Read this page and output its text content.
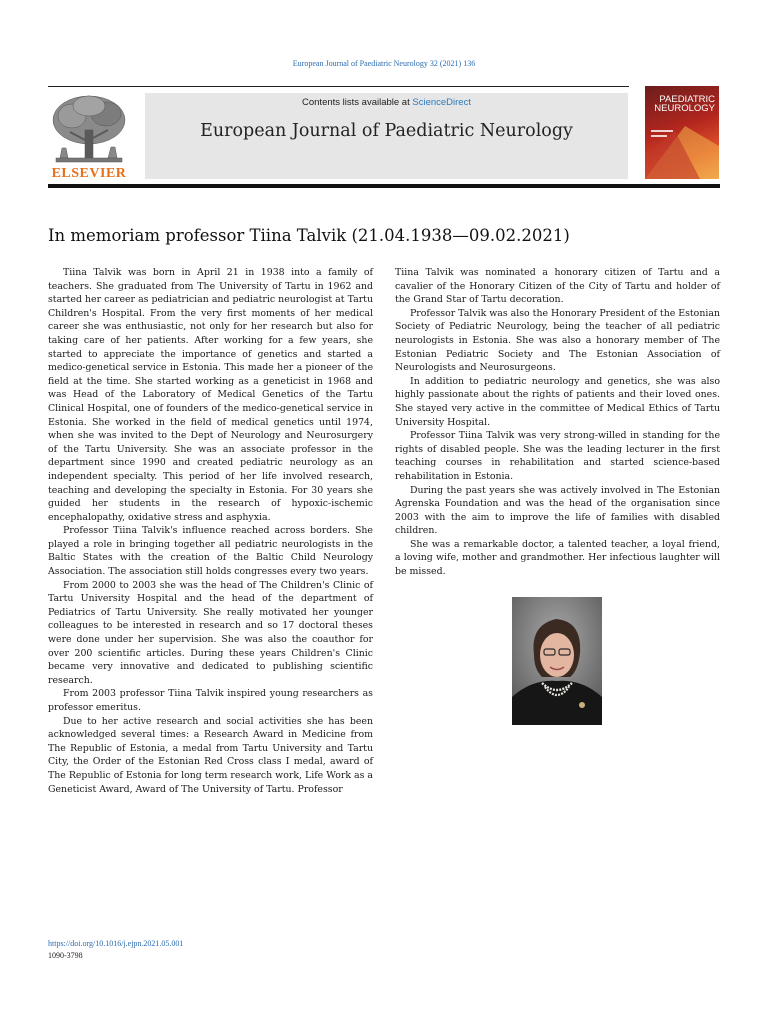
European Journal of Paediatric Neurology 32 (2021) 136
ELSEVIER
Contents lists available at ScienceDirect
European Journal of Paediatric Neurology
PAEDIATRIC
NEUROLOGY
In memoriam professor Tiina Talvik (21.04.1938—09.02.2021)

Tiina Talvik was born in April 21 in 1938 into a family of teachers. She graduated from The University of Tartu in 1962 and started her career as pediatrician and pediatric neurologist at Tartu Children's Hospital. From the very first moments of her medical career she was enthusiastic, not only for her research but also for taking care of her patients. After working for a few years, she started to appreciate the importance of genetics and started a medico-genetical service in Estonia. This made her a pioneer of the field at the time. She started working as a geneticist in 1968 and was Head of the Laboratory of Medical Genetics of the Tartu Clinical Hospital, one of founders of the medico-genetical service in Estonia. She worked in the field of medical genetics until 1974, when she was invited to the Dept of Neurology and Neurosurgery of the Tartu University. She was an associate professor in the department since 1990 and created pediatric neurology as an independent specialty. This period of her life involved research, teaching and developing the specialty in Estonia. For 30 years she guided her students in the research of hypoxic-ischemic encephalopathy, oxidative stress and asphyxia.

Professor Tiina Talvik's influence reached across borders. She played a role in bringing together all pediatric neurologists in the Baltic States with the creation of the Baltic Child Neurology Association. The association still holds congresses every two years.

From 2000 to 2003 she was the head of The Children's Clinic of Tartu University Hospital and the head of the department of Pediatrics of Tartu University. She really motivated her younger colleagues to be interested in research and so 17 doctoral theses were done under her supervision. She was also the coauthor for over 200 scientific articles. During these years Children's Clinic became very innovative and dedicated to publishing scientific research.

From 2003 professor Tiina Talvik inspired young researchers as professor emeritus.

Due to her active research and social activities she has been acknowledged several times: a Research Award in Medicine from The Republic of Estonia, a medal from Tartu University and Tartu City, the Order of the Estonian Red Cross class I medal, award of The Republic of Estonia for long term research work, Life Work as a Geneticist Award, Award of The University of Tartu. Professor

Tiina Talvik was nominated a honorary citizen of Tartu and a cavalier of the Honorary Citizen of the City of Tartu and holder of the Grand Star of Tartu decoration.

Professor Talvik was also the Honorary President of the Estonian Society of Pediatric Neurology, being the teacher of all pediatric neurologists in Estonia. She was also a honorary member of The Estonian Pediatric Society and The Estonian Association of Neurologists and Neurosurgeons.

In addition to pediatric neurology and genetics, she was also highly passionate about the rights of patients and their loved ones. She stayed very active in the committee of Medical Ethics of Tartu University Hospital.

Professor Tiina Talvik was very strong-willed in standing for the rights of disabled people. She was the leading lecturer in the first teaching courses in rehabilitation and started science-based rehabilitation in Estonia.

During the past years she was actively involved in The Estonian Agrenska Foundation and was the head of the organisation since 2003 with the aim to improve the life of families with disabled children.

She was a remarkable doctor, a talented teacher, a loyal friend, a loving wife, mother and grandmother. Her infectious laughter will be missed.

https://doi.org/10.1016/j.ejpn.2021.05.001
1090-3798
